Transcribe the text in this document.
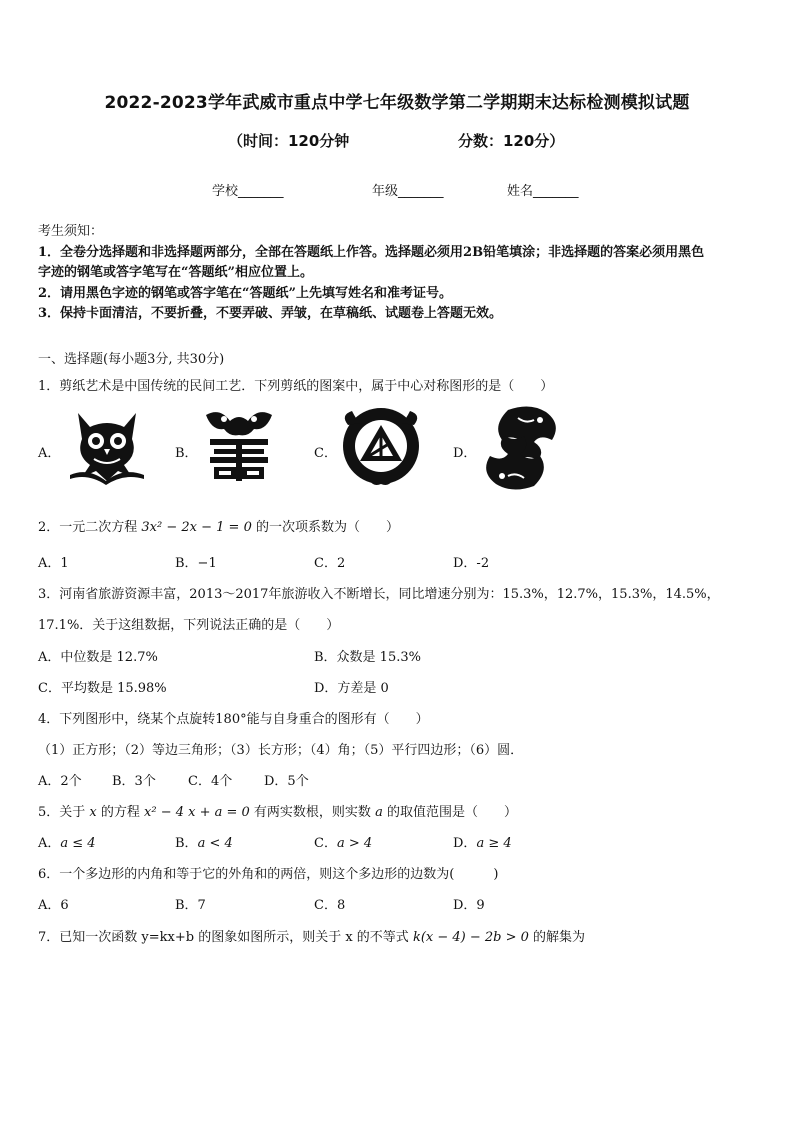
2022-2023学年武威市重点中学七年级数学第二学期期末达标检测模拟试题
（时间：120分钟	分数：120分）
学校_______	年级_______	姓名_______
考生须知：
1．全卷分选择题和非选择题两部分，全部在答题纸上作答。选择题必须用2B铅笔填涂；非选择题的答案必须用黑色
字迹的钢笔或答字笔写在“答题纸”相应位置上。
2．请用黑色字迹的钢笔或答字笔在“答题纸”上先填写姓名和准考证号。
3．保持卡面清洁，不要折叠，不要弄破、弄皱，在草稿纸、试题卷上答题无效。
一、选择题(每小题3分, 共30分)
1．剪纸艺术是中国传统的民间工艺．下列剪纸的图案中，属于中心对称图形的是（　　）
A．	B．	C．	D．
2．一元二次方程 3x² − 2x − 1 = 0 的一次项系数为（　　）
A．1	B．−1	C．2	D．-2
3．河南省旅游资源丰富，2013～2017年旅游收入不断增长，同比增速分别为：15.3%，12.7%，15.3%，14.5%，
17.1%．关于这组数据，下列说法正确的是（　　）
A．中位数是 12.7%	B．众数是 15.3%
C．平均数是 15.98%	D．方差是 0
4．下列图形中，绕某个点旋转180°能与自身重合的图形有（　　）
（1）正方形；（2）等边三角形；（3）长方形；（4）角；（5）平行四边形；（6）圆．
A．2个 B．3个 C．4个 D．5个
5．关于 x 的方程 x² − 4 x + a = 0 有两实数根，则实数 a 的取值范围是（　　）
A．a ≤ 4	B．a < 4	C．a > 4	D．a ≥ 4
6．一个多边形的内角和等于它的外角和的两倍，则这个多边形的边数为(　　　)
A．6	B．7	C．8	D．9
7．已知一次函数 y=kx+b 的图象如图所示，则关于 x 的不等式 k(x − 4) − 2b > 0 的解集为
